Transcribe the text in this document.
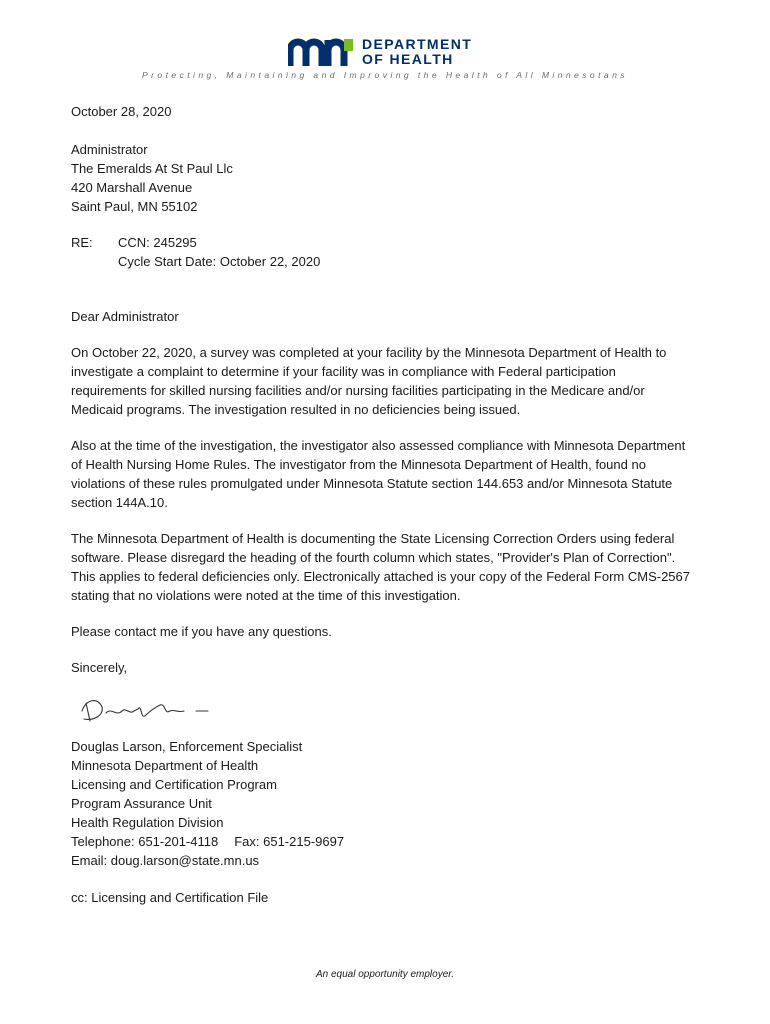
DEPARTMENT
OF HEALTH
Protecting, Maintaining and Improving the Health of All Minnesotans

October 28, 2020

Administrator

The Emeralds At St Paul Llc

420 Marshall Avenue

Saint Paul, MN 55102

RE:	CCN: 245295

Cycle Start Date: October 22, 2020

Dear Administrator

On October 22, 2020, a survey was completed at your facility by the Minnesota Department of Health to investigate a complaint to determine if your facility was in compliance with Federal participation requirements for skilled nursing facilities and/or nursing facilities participating in the Medicare and/or Medicaid programs. The investigation resulted in no deficiencies being issued.

Also at the time of the investigation, the investigator also assessed compliance with Minnesota Department of Health Nursing Home Rules. The investigator from the Minnesota Department of Health, found no violations of these rules promulgated under Minnesota Statute section 144.653 and/or Minnesota Statute section 144A.10.

The Minnesota Department of Health is documenting the State Licensing Correction Orders using federal software. Please disregard the heading of the fourth column which states, "Provider's Plan of Correction". This applies to federal deficiencies only. Electronically attached is your copy of the Federal Form CMS-2567 stating that no violations were noted at the time of this investigation.

Please contact me if you have any questions.

Sincerely,

Douglas Larson, Enforcement Specialist

Minnesota Department of Health

Licensing and Certification Program

Program Assurance Unit

Health Regulation Division

Telephone: 651-201-4118 Fax: 651-215-9697

Email: doug.larson@state.mn.us

cc: Licensing and Certification File

An equal opportunity employer.
